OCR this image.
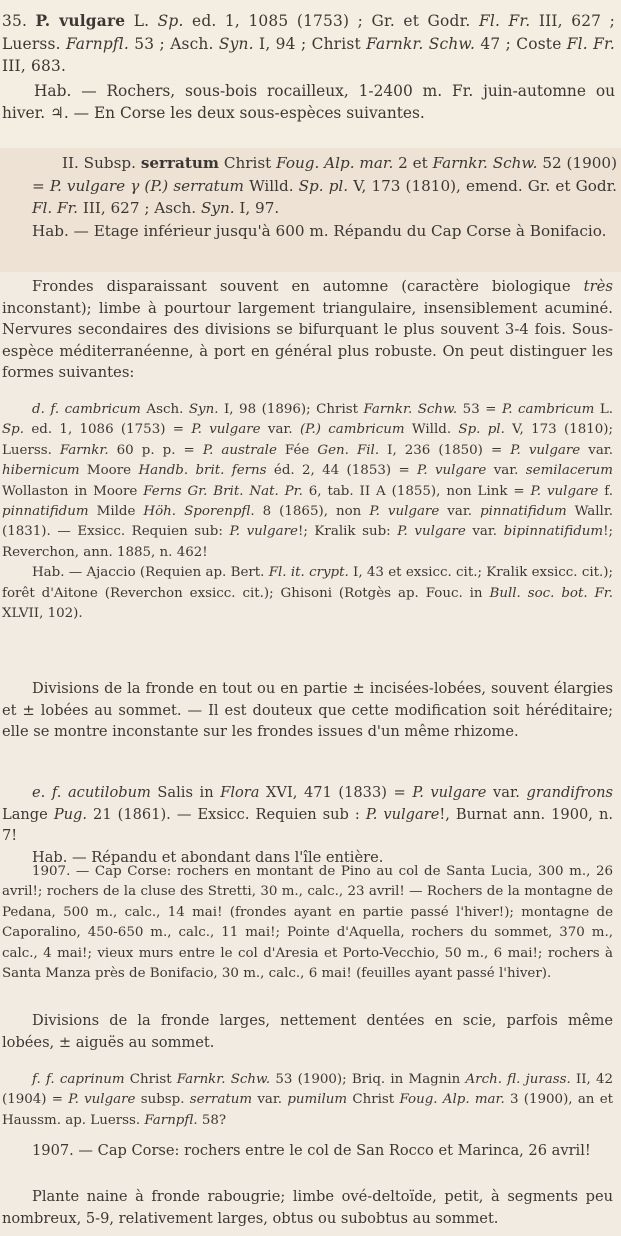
35. P. vulgare L. Sp. ed. 1, 1085 (1753) ; Gr. et Godr. Fl. Fr. III, 627 ; Luerss. Farnpfl. 53 ; Asch. Syn. I, 94 ; Christ Farnkr. Schw. 47 ; Coste Fl. Fr. III, 683.

Hab. — Rochers, sous-bois rocailleux, 1-2400 m. Fr. juin-automne ou hiver. ♃. — En Corse les deux sous-espèces suivantes.

II. Subsp. serratum Christ Foug. Alp. mar. 2 et Farnkr. Schw. 52 (1900) = P. vulgare γ (P.) serratum Willd. Sp. pl. V, 173 (1810), emend. Gr. et Godr. Fl. Fr. III, 627 ; Asch. Syn. I, 97.

Hab. — Etage inférieur jusqu'à 600 m. Répandu du Cap Corse à Bonifacio.

Frondes disparaissant souvent en automne (caractère biologique très inconstant); limbe à pourtour largement triangulaire, insensiblement acuminé. Nervures secondaires des divisions se bifurquant le plus souvent 3-4 fois. Sous-espèce méditerranéenne, à port en général plus robuste. On peut distinguer les formes suivantes:

d. f. cambricum Asch. Syn. I, 98 (1896); Christ Farnkr. Schw. 53 = P. cambricum L. Sp. ed. 1, 1086 (1753) = P. vulgare var. (P.) cambricum Willd. Sp. pl. V, 173 (1810); Luerss. Farnkr. 60 p. p. = P. australe Fée Gen. Fil. I, 236 (1850) = P. vulgare var. hibernicum Moore Handb. brit. ferns éd. 2, 44 (1853) = P. vulgare var. semilacerum Wollaston in Moore Ferns Gr. Brit. Nat. Pr. 6, tab. II A (1855), non Link = P. vulgare f. pinnatifidum Milde Höh. Sporenpfl. 8 (1865), non P. vulgare var. pinnatifidum Wallr. (1831). — Exsicc. Requien sub: P. vulgare!; Kralik sub: P. vulgare var. bipinnatifidum!; Reverchon, ann. 1885, n. 462!

Hab. — Ajaccio (Requien ap. Bert. Fl. it. crypt. I, 43 et exsicc. cit.; Kralik exsicc. cit.); forêt d'Aitone (Reverchon exsicc. cit.); Ghisoni (Rotgès ap. Fouc. in Bull. soc. bot. Fr. XLVII, 102).

Divisions de la fronde en tout ou en partie ± incisées-lobées, souvent élargies et ± lobées au sommet. — Il est douteux que cette modification soit héréditaire; elle se montre inconstante sur les frondes issues d'un même rhizome.

e. f. acutilobum Salis in Flora XVI, 471 (1833) = P. vulgare var. grandifrons Lange Pug. 21 (1861). — Exsicc. Requien sub : P. vulgare!, Burnat ann. 1900, n. 7!

Hab. — Répandu et abondant dans l'île entière.

1907. — Cap Corse: rochers en montant de Pino au col de Santa Lucia, 300 m., 26 avril!; rochers de la cluse des Stretti, 30 m., calc., 23 avril! — Rochers de la montagne de Pedana, 500 m., calc., 14 mai! (frondes ayant en partie passé l'hiver!); montagne de Caporalino, 450-650 m., calc., 11 mai!; Pointe d'Aquella, rochers du sommet, 370 m., calc., 4 mai!; vieux murs entre le col d'Aresia et Porto-Vecchio, 50 m., 6 mai!; rochers à Santa Manza près de Bonifacio, 30 m., calc., 6 mai! (feuilles ayant passé l'hiver).

Divisions de la fronde larges, nettement dentées en scie, parfois même lobées, ± aiguës au sommet.

f. f. caprinum Christ Farnkr. Schw. 53 (1900); Briq. in Magnin Arch. fl. jurass. II, 42 (1904) = P. vulgare subsp. serratum var. pumilum Christ Foug. Alp. mar. 3 (1900), an et Haussm. ap. Luerss. Farnpfl. 58?

1907. — Cap Corse: rochers entre le col de San Rocco et Marinca, 26 avril!

Plante naine à fronde rabougrie; limbe ové-deltoïde, petit, à segments peu nombreux, 5-9, relativement larges, obtus ou subobtus au sommet.
